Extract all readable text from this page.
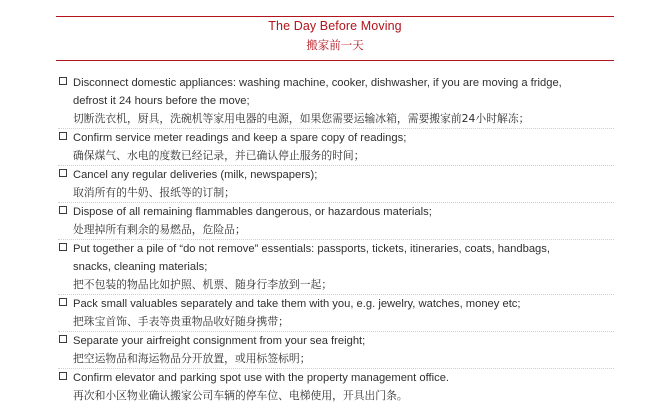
The Day Before Moving
搬家前一天
Disconnect domestic appliances: washing machine, cooker, dishwasher, if you are moving a fridge,
defrost it 24 hours before the move;
切断洗衣机，厨具，洗碗机等家用电器的电源，如果您需要运输冰箱，需要搬家前24小时解冻；
Confirm service meter readings and keep a spare copy of readings;
确保煤气、水电的度数已经记录，并已确认停止服务的时间；
Cancel any regular deliveries (milk, newspapers);
取消所有的牛奶、报纸等的订制；
Dispose of all remaining flammables dangerous, or hazardous materials;
处理掉所有剩余的易燃品，危险品；
Put together a pile of “do not remove” essentials: passports, tickets, itineraries, coats, handbags,
snacks, cleaning materials;
把不包装的物品比如护照、机票、随身行李放到一起；
Pack small valuables separately and take them with you, e.g. jewelry, watches, money etc;
把珠宝首饰、手表等贵重物品收好随身携带；
Separate your airfreight consignment from your sea freight;
把空运物品和海运物品分开放置，或用标签标明；
Confirm elevator and parking spot use with the property management office.
再次和小区物业确认搬家公司车辆的停车位、电梯使用，开具出门条。
